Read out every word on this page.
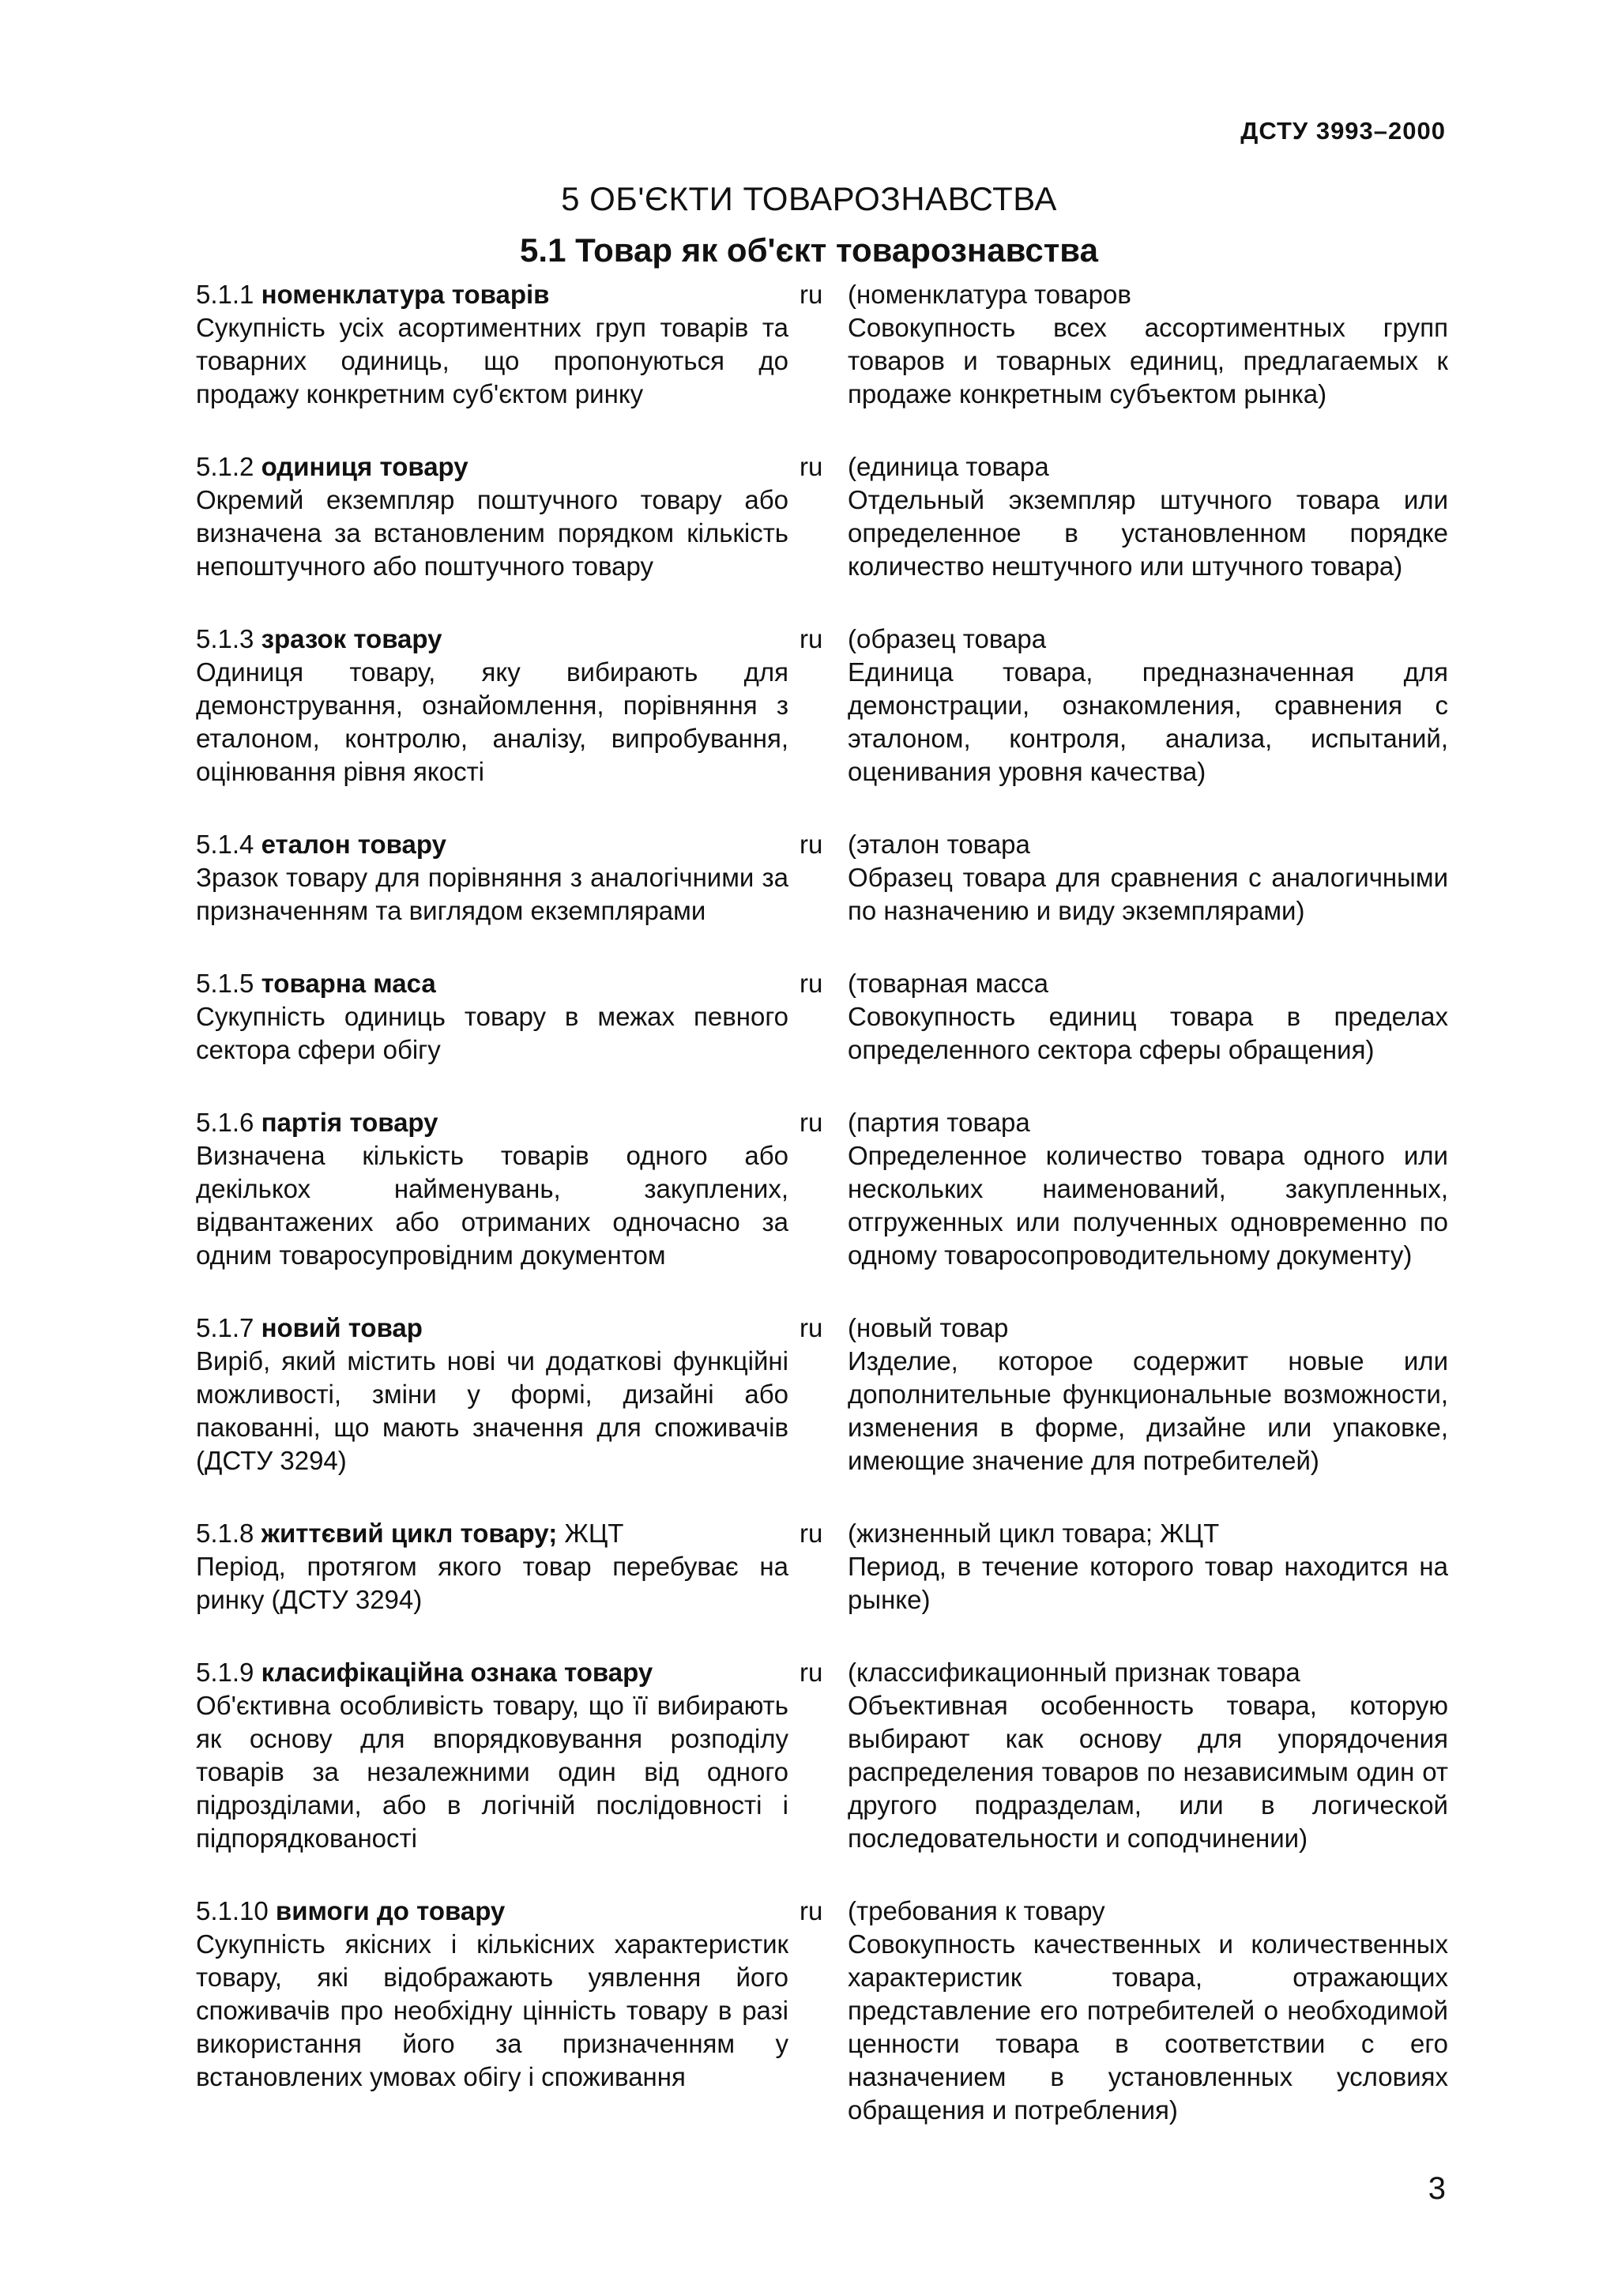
ДСТУ 3993–2000
5 ОБ'ЄКТИ ТОВАРОЗНАВСТВА
5.1 Товар як об'єкт товарознавства
5.1.1 номенклатура товарів
Сукупність усіх асортиментних груп товарів та товарних одиниць, що пропонуються до продажу конкретним суб'єктом ринку
ru (номенклатура товаров
Совокупность всех ассортиментных групп товаров и товарных единиц, предлагаемых к продаже конкретным субъектом рынка)
5.1.2 одиниця товару
Окремий екземпляр поштучного товару або визначена за встановленим порядком кількість непоштучного або поштучного товару
ru (единица товара
Отдельный экземпляр штучного товара или определенное в установленном порядке количество нештучного или штучного товара)
5.1.3 зразок товару
Одиниця товару, яку вибирають для демонстрування, ознайомлення, порівняння з еталоном, контролю, аналізу, випробування, оцінювання рівня якості
ru (образец товара
Единица товара, предназначенная для демонстрации, ознакомления, сравнения с эталоном, контроля, анализа, испытаний, оценивания уровня качества)
5.1.4 еталон товару
Зразок товару для порівняння з аналогічними за призначенням та виглядом екземплярами
ru (эталон товара
Образец товара для сравнения с аналогичными по назначению и виду экземплярами)
5.1.5 товарна маса
Сукупність одиниць товару в межах певного сектора сфери обігу
ru (товарная масса
Совокупность единиц товара в пределах определенного сектора сферы обращения)
5.1.6 партія товару
Визначена кількість товарів одного або декількох найменувань, закуплених, відвантажених або отриманих одночасно за одним товаросупровідним документом
ru (партия товара
Определенное количество товара одного или нескольких наименований, закупленных, отгруженных или полученных одновременно по одному товаросопроводительному документу)
5.1.7 новий товар
Виріб, який містить нові чи додаткові функційні можливості, зміни у формі, дизайні або пакованні, що мають значення для споживачів (ДСТУ 3294)
ru (новый товар
Изделие, которое содержит новые или дополнительные функциональные возможности, изменения в форме, дизайне или упаковке, имеющие значение для потребителей)
5.1.8 життєвий цикл товару; ЖЦТ
Період, протягом якого товар перебуває на ринку (ДСТУ 3294)
ru (жизненный цикл товара; ЖЦТ
Период, в течение которого товар находится на рынке)
5.1.9 класифікаційна ознака товару
Об'єктивна особливість товару, що її вибирають як основу для впорядковування розподілу товарів за незалежними один від одного підрозділами, або в логічній послідовності і підпорядкованості
ru (классификационный признак товара
Объективная особенность товара, которую выбирают как основу для упорядочения распределения товаров по независимым один от другого подразделам, или в логической последовательности и соподчинении)
5.1.10 вимоги до товару
Сукупність якісних і кількісних характеристик товару, які відображають уявлення його споживачів про необхідну цінність товару в разі використання його за призначенням у встановлених умовах обігу і споживання
ru (требования к товару
Совокупность качественных и количественных характеристик товара, отражающих представление его потребителей о необходимой ценности товара в соответствии с его назначением в установленных условиях обращения и потребления)
3
